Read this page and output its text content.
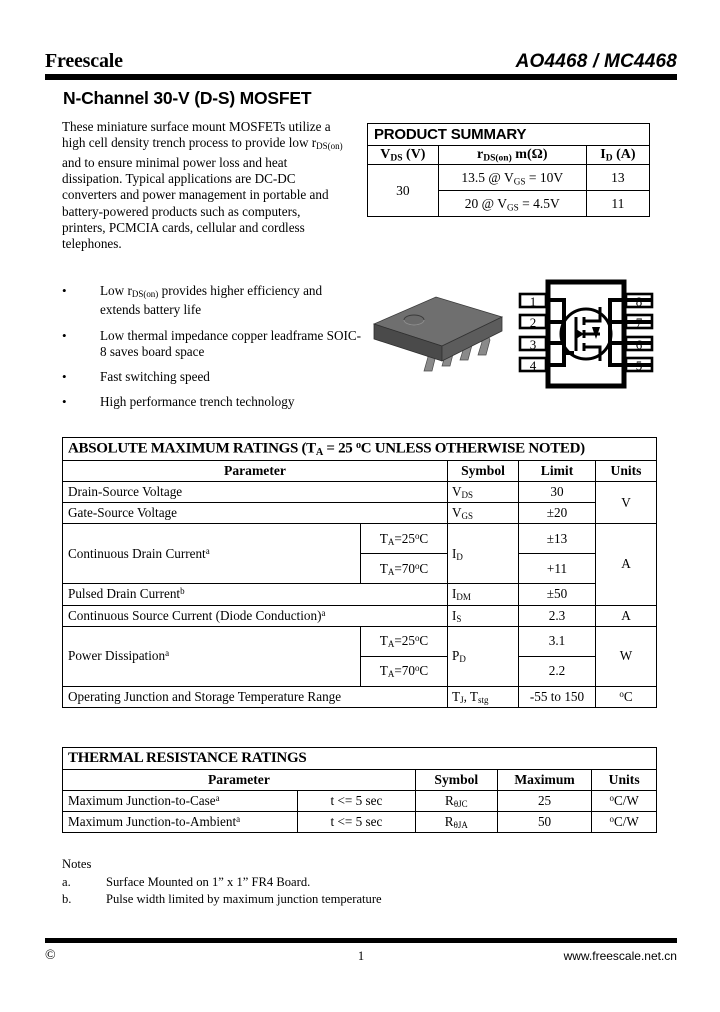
Freescale	AO4468 / MC4468
N-Channel 30-V (D-S) MOSFET
These miniature surface mount MOSFETs utilize a high cell density trench process to provide low $r_{DS(on)}$ and to ensure minimal power loss and heat dissipation. Typical applications are DC-DC converters and power management in portable and battery-powered products such as computers, printers, PCMCIA cards, cellular and cordless telephones.
PRODUCT SUMMARY		
$V_{DS}$ (V)	$r_{DS(on)}$ m(Ω)	$I_D$ (A)
30	13.5 @ $V_{GS} = 10V$	13
	20 @ $V_{GS} = 4.5V$	11
•	Low $r_{DS(on)}$ provides higher efficiency and extends battery life
•	Low thermal impedance copper leadframe SOIC-8 saves board space
•	Fast switching speed
•	High performance trench technology
1
2
3
4
8
7
6
5
ABSOLUTE MAXIMUM RATINGS ($T_A = 25$ $^o$C UNLESS OTHERWISE NOTED)				
Parameter		Symbol	Limit	Units
Drain-Source Voltage		$V_{DS}$	30	V
Gate-Source Voltage		$V_{GS}$	±20	
Continuous Drain Current$^a$	$T_A=25^oC$	$I_D$	±13	A
	$T_A=70^oC$		+11	
Pulsed Drain Current$^b$		$I_{DM}$	±50	
Continuous Source Current (Diode Conduction)$^a$		$I_S$	2.3	A
Power Dissipation$^a$	$T_A=25^oC$	$P_D$	3.1	W
	$T_A=70^oC$		2.2	
Operating Junction and Storage Temperature Range		$T_J$, $T_{stg}$	-55 to 150	$^o$C
THERMAL RESISTANCE RATINGS				
Parameter		Symbol	Maximum	Units
Maximum Junction-to-Case$^a$	t <= 5 sec	$R_{\theta JC}$	25	$^o$C/W
Maximum Junction-to-Ambient$^a$	t <= 5 sec	$R_{\theta JA}$	50	$^o$C/W
Notes
a.	Surface Mounted on 1” x 1” FR4 Board.
b.	Pulse width limited by maximum junction temperature
©	1	www.freescale.net.cn
